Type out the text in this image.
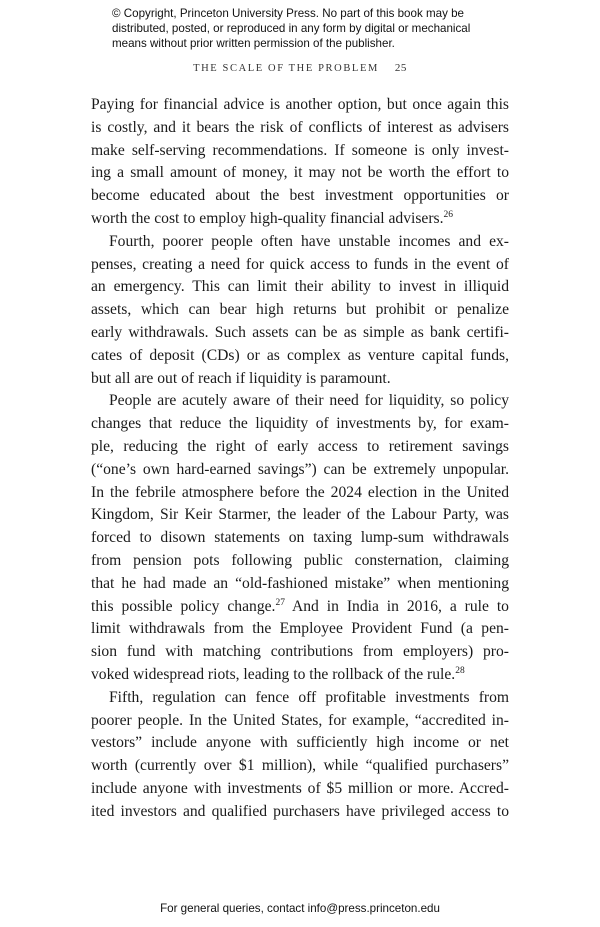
© Copyright, Princeton University Press. No part of this book may be
distributed, posted, or reproduced in any form by digital or mechanical
means without prior written permission of the publisher.
THE SCALE OF THE PROBLEM 25
Paying for financial advice is another option, but once again this
is costly, and it bears the risk of conflicts of interest as advisers
make self-serving recommendations. If someone is only invest-
ing a small amount of money, it may not be worth the effort to
become educated about the best investment opportunities or
worth the cost to employ high-quality financial advisers.$^{26}$
Fourth, poorer people often have unstable incomes and ex-
penses, creating a need for quick access to funds in the event of
an emergency. This can limit their ability to invest in illiquid
assets, which can bear high returns but prohibit or penalize
early withdrawals. Such assets can be as simple as bank certifi-
cates of deposit (CDs) or as complex as venture capital funds,
but all are out of reach if liquidity is paramount.
People are acutely aware of their need for liquidity, so policy
changes that reduce the liquidity of investments by, for exam-
ple, reducing the right of early access to retirement savings
(“one’s own hard-earned savings”) can be extremely unpopular.
In the febrile atmosphere before the 2024 election in the United
Kingdom, Sir Keir Starmer, the leader of the Labour Party, was
forced to disown statements on taxing lump-sum withdrawals
from pension pots following public consternation, claiming
that he had made an “old-fashioned mistake” when mentioning
this possible policy change.$^{27}$ And in India in 2016, a rule to
limit withdrawals from the Employee Provident Fund (a pen-
sion fund with matching contributions from employers) pro-
voked widespread riots, leading to the rollback of the rule.$^{28}$
Fifth, regulation can fence off profitable investments from
poorer people. In the United States, for example, “accredited in-
vestors” include anyone with sufficiently high income or net
worth (currently over $1 million), while “qualified purchasers”
include anyone with investments of $5 million or more. Accred-
ited investors and qualified purchasers have privileged access to
For general queries, contact info@press.princeton.edu
